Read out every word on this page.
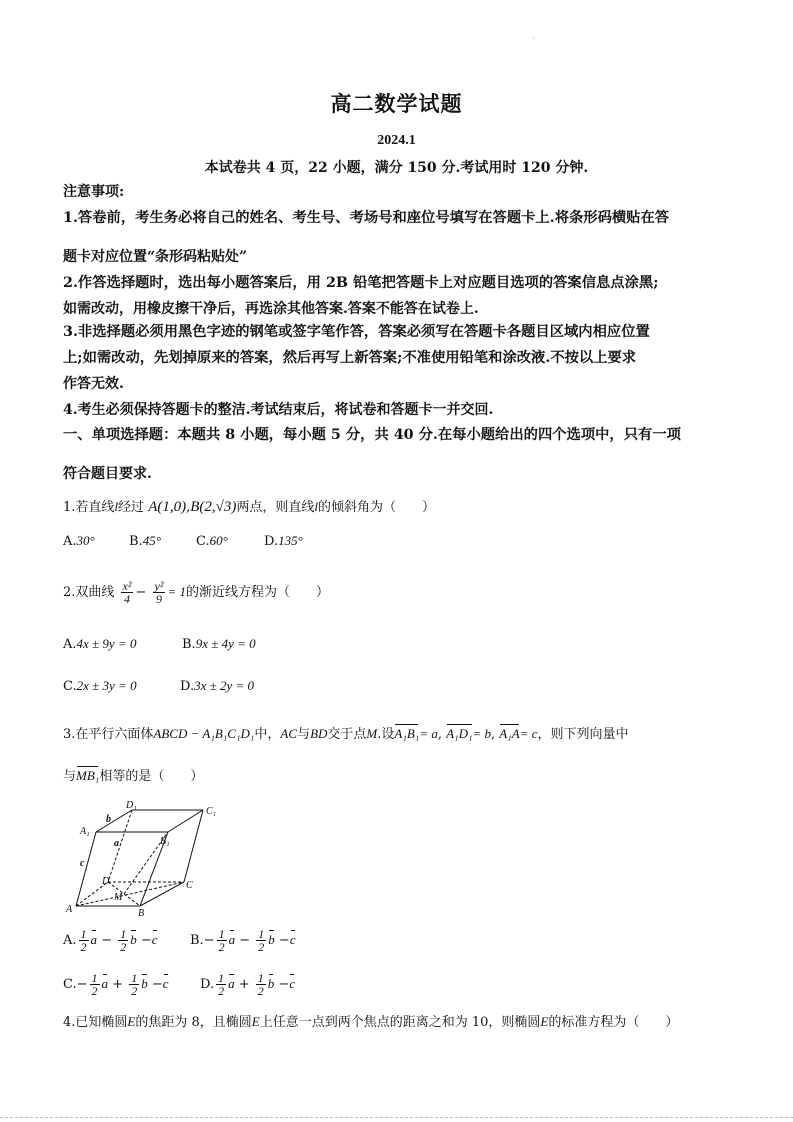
·
高二数学试题
2024.1
本试卷共 4 页，22 小题，满分 150 分.考试用时 120 分钟.
注意事项:
1.答卷前，考生务必将自己的姓名、考生号、考场号和座位号填写在答题卡上.将条形码横贴在答
题卡对应位置“条形码粘贴处”
2.作答选择题时，选出每小题答案后，用 2B 铅笔把答题卡上对应题目选项的答案信息点涂黑;
如需改动，用橡皮擦干净后，再选涂其他答案.答案不能答在试卷上.
3.非选择题必须用黑色字迹的钢笔或签字笔作答，答案必须写在答题卡各题目区域内相应位置
上;如需改动，先划掉原来的答案，然后再写上新答案;不准使用铅笔和涂改液.不按以上要求
作答无效.
4.考生必须保持答题卡的整洁.考试结束后，将试卷和答题卡一并交回.
一、单项选择题：本题共 8 小题，每小题 5 分，共 40 分.在每小题给出的四个选项中，只有一项
符合题目要求.
1.若直线l经过 A(1,0),B(2,√3)两点，则直线l的倾斜角为（　　）
A.30°	B.45°	C.60°	D.135°
2.双曲线 $\frac{\text{x²}}{4} - \frac{\text{y²}}{9} = 1$的渐近线方程为（　　）
A.4x ± 9y = 0	B.9x ± 4y = 0
C.2x ± 3y = 0	D.3x ± 2y = 0
3.在平行六面体ABCD − A₁B₁C₁D₁中，AC与BD交于点M.设A₁B₁= a, A₁D₁= b, A₁A= c，则下列向量中
与MB₁相等的是（　　）
D₁
C₁
A₁
b
a	B₁
c
D
M
C
A	B
A. $\frac{1}{2}$ $a - \frac{1}{2}$ b −c $B.- \frac{1}{2}$ $a - \frac{1}{2}$ b −c
$C.- \frac{1}{2}$ $a + \frac{1}{2}$ b −c D. $\frac{1}{2}$ $a + \frac{1}{2}$ b −c
4.已知椭圆E的焦距为 8，且椭圆E上任意一点到两个焦点的距离之和为 10，则椭圆E的标准方程为（　　）
